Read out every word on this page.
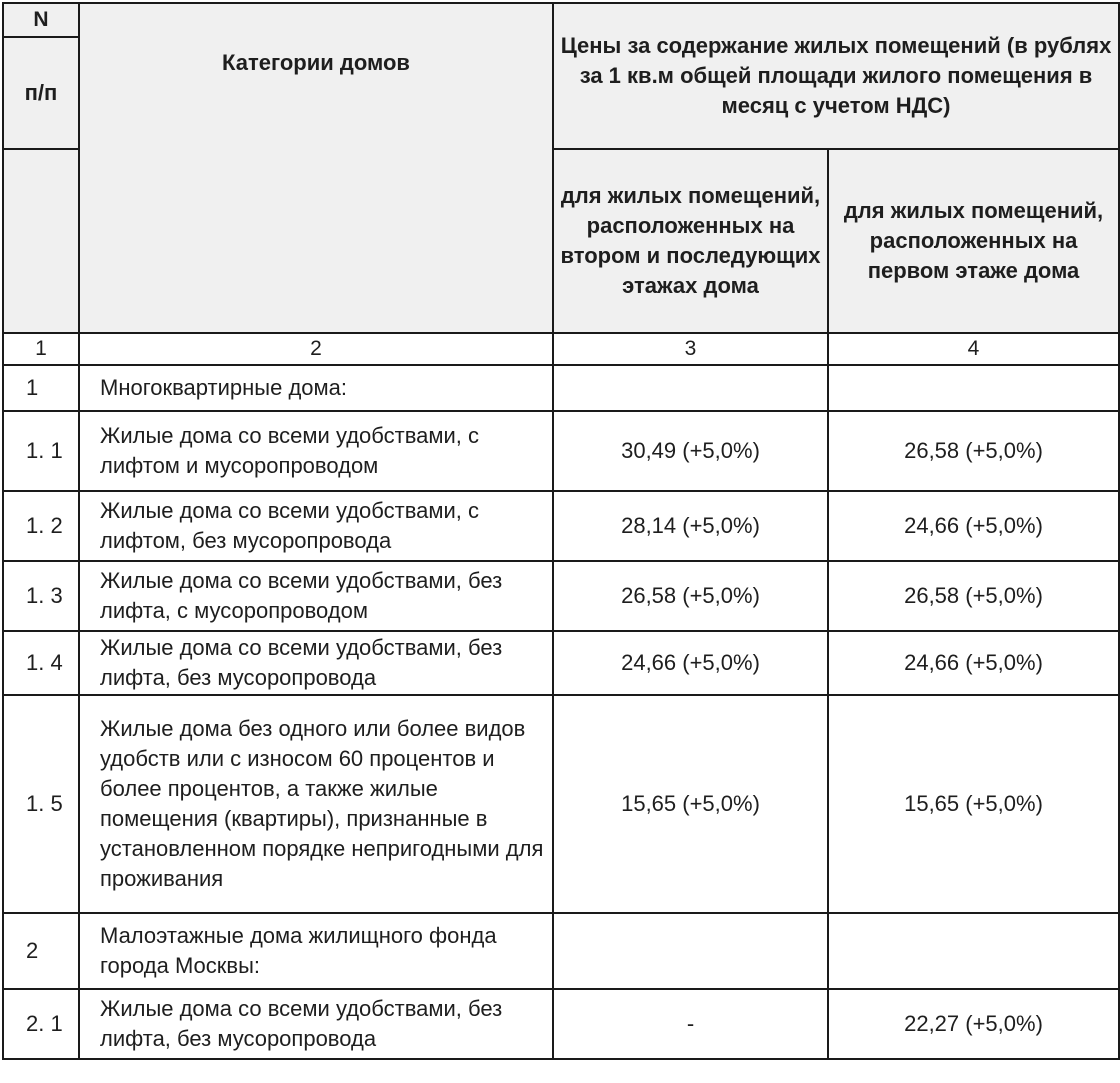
N	Категории домов	Цены за содержание жилых помещений (в рублях за 1 кв.м общей площади жилого помещения в месяц с учетом НДС)	
п/п			
		для жилых помещений, расположенных на втором и последующих этажах дома	для жилых помещений, расположенных на первом этаже дома
1	2	3	4
1	Многоквартирные дома:		
1. 1	Жилые дома со всеми удобствами, с лифтом и мусоропроводом	30,49 (+5,0%)	26,58 (+5,0%)
1. 2	Жилые дома со всеми удобствами, с лифтом, без мусоропровода	28,14 (+5,0%)	24,66 (+5,0%)
1. 3	Жилые дома со всеми удобствами, без лифта, с мусоропроводом	26,58 (+5,0%)	26,58 (+5,0%)
1. 4	Жилые дома со всеми удобствами, без лифта, без мусоропровода	24,66 (+5,0%)	24,66 (+5,0%)
1. 5	Жилые дома без одного или более видов удобств или с износом 60 процентов и более процентов, а также жилые помещения (квартиры), признанные в установленном порядке непригодными для проживания	15,65 (+5,0%)	15,65 (+5,0%)
2	Малоэтажные дома жилищного фонда города Москвы:		
2. 1	Жилые дома со всеми удобствами, без лифта, без мусоропровода	-	22,27 (+5,0%)
